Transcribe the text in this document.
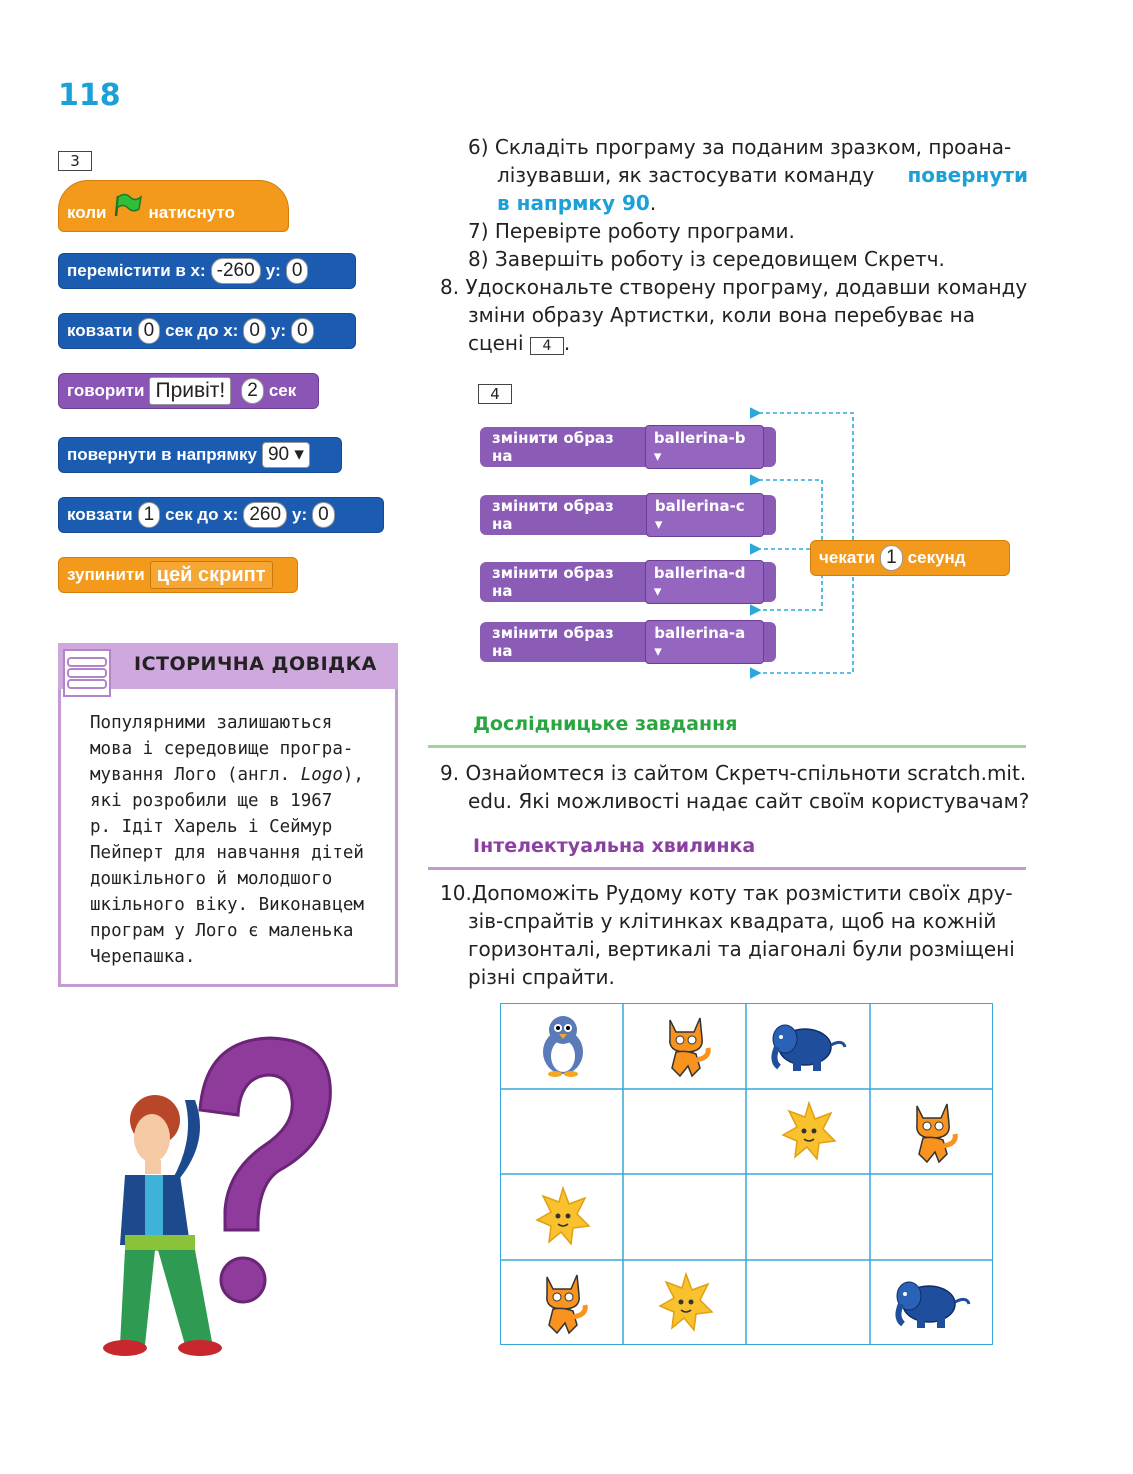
118
3
коли натиснуто
перемістити в x: -260 y: 0
ковзати 0 сек до x: 0 y: 0
говорити Привіт!	2 сек
повернути в напрямку 90 ▾
ковзати 1 сек до x: 260 y: 0
зупинити цей скрипт
ІСТОРИЧНА ДОВІДКА
Популярними залишаються
мова і середовище програ-
мування Лого (англ. Logo),
які розробили ще в 1967
р. Ідіт Харель і Сеймур
Пейперт для навчання дітей
дошкільного й молодшого
шкільного віку. Виконавцем
програм у Лого є маленька
Черепашка.
6) Складіть програму за поданим зразком, проана-
лізувавши, як застосувати команду повернути
в напрмку 90.
7) Перевірте роботу програми.
8) Завершіть роботу із середовищем Скретч.
8. Удоскональте створену програму, додавши команду
зміни образу Артистки, коли вона перебуває на
сцені 4 .
4
змінити образ на
ballerina-b ▾
змінити образ на
ballerina-c ▾
змінити образ на
ballerina-d ▾
змінити образ на
ballerina-a ▾
чекати 1 секунд
Дослідницьке завдання
9. Ознайомтеся із сайтом Скретч-спільноти scratch.mit.
edu. Які можливості надає сайт своїм користувачам?
Інтелектуальна хвилинка
10.Допоможіть Рудому коту так розмістити своїх дру-
зів-спрайтів у клітинках квадрата, щоб на кожній
горизонталі, вертикалі та діагоналі були розміщені
різні спрайти.
